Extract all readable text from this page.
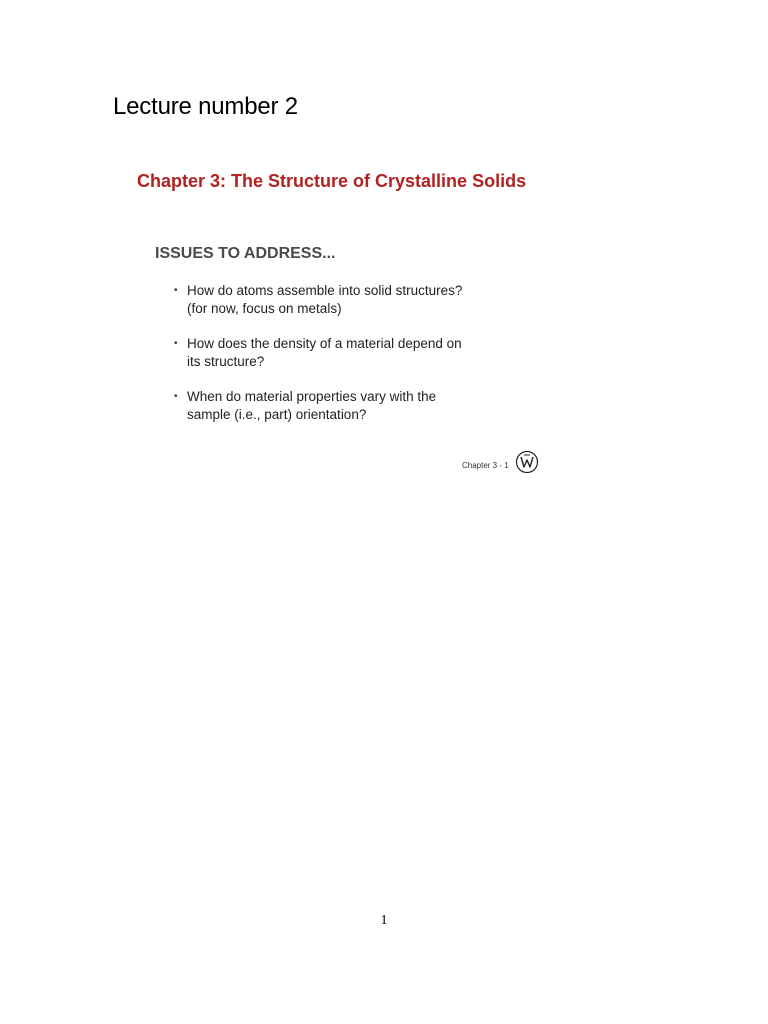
Lecture number 2
Chapter 3: The Structure of Crystalline Solids
ISSUES TO ADDRESS...
• How do atoms assemble into solid structures?
(for now, focus on metals)
• How does the density of a material depend on
its structure?
• When do material properties vary with the
sample (i.e., part) orientation?
Chapter 3 - 1
1
